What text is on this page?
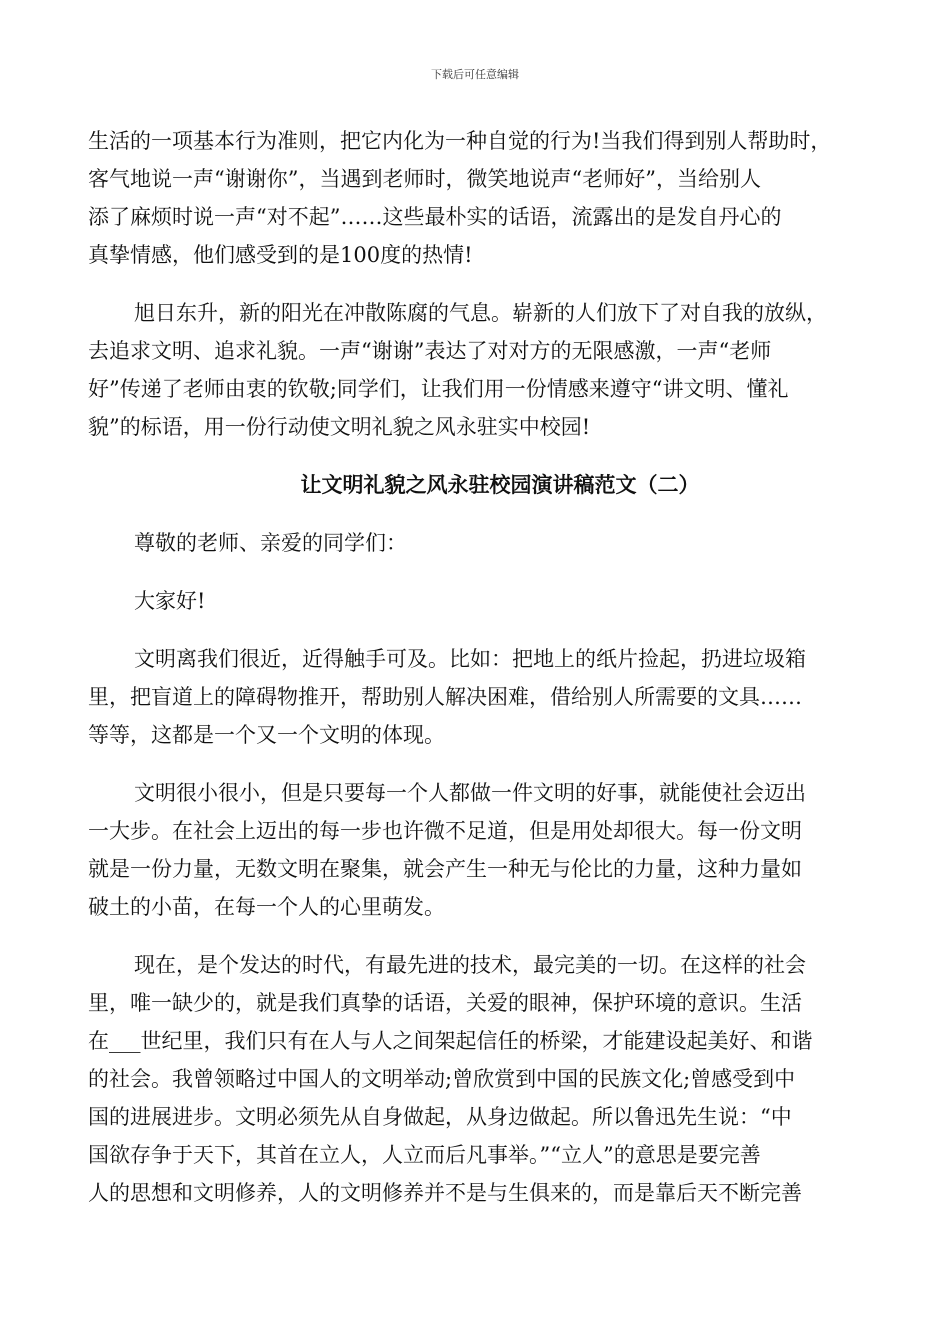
下载后可任意编辑
生活的一项基本行为准则，把它内化为一种自觉的行为!当我们得到别人帮助时，
客气地说一声“谢谢你”，当遇到老师时，微笑地说声“老师好”，当给别人
添了麻烦时说一声“对不起”……这些最朴实的话语，流露出的是发自丹心的
真挚情感，他们感受到的是100度的热情!
旭日东升，新的阳光在冲散陈腐的气息。崭新的人们放下了对自我的放纵，
去追求文明、追求礼貌。一声“谢谢”表达了对对方的无限感激，一声“老师
好”传递了老师由衷的钦敬;同学们，让我们用一份情感来遵守“讲文明、懂礼
貌”的标语，用一份行动使文明礼貌之风永驻实中校园!
让文明礼貌之风永驻校园演讲稿范文（二）
尊敬的老师、亲爱的同学们：
大家好!
文明离我们很近，近得触手可及。比如：把地上的纸片捡起，扔进垃圾箱
里，把盲道上的障碍物推开，帮助别人解决困难，借给别人所需要的文具……
等等，这都是一个又一个文明的体现。
文明很小很小，但是只要每一个人都做一件文明的好事，就能使社会迈出
一大步。在社会上迈出的每一步也许微不足道，但是用处却很大。每一份文明
就是一份力量，无数文明在聚集，就会产生一种无与伦比的力量，这种力量如
破土的小苗，在每一个人的心里萌发。
现在，是个发达的时代，有最先进的技术，最完美的一切。在这样的社会
里，唯一缺少的，就是我们真挚的话语，关爱的眼神，保护环境的意识。生活
在___世纪里，我们只有在人与人之间架起信任的桥梁，才能建设起美好、和谐
的社会。我曾领略过中国人的文明举动;曾欣赏到中国的民族文化;曾感受到中
国的进展进步。文明必须先从自身做起，从身边做起。所以鲁迅先生说：“中
国欲存争于天下，其首在立人，人立而后凡事举。”“立人”的意思是要完善
人的思想和文明修养，人的文明修养并不是与生俱来的，而是靠后天不断完善
